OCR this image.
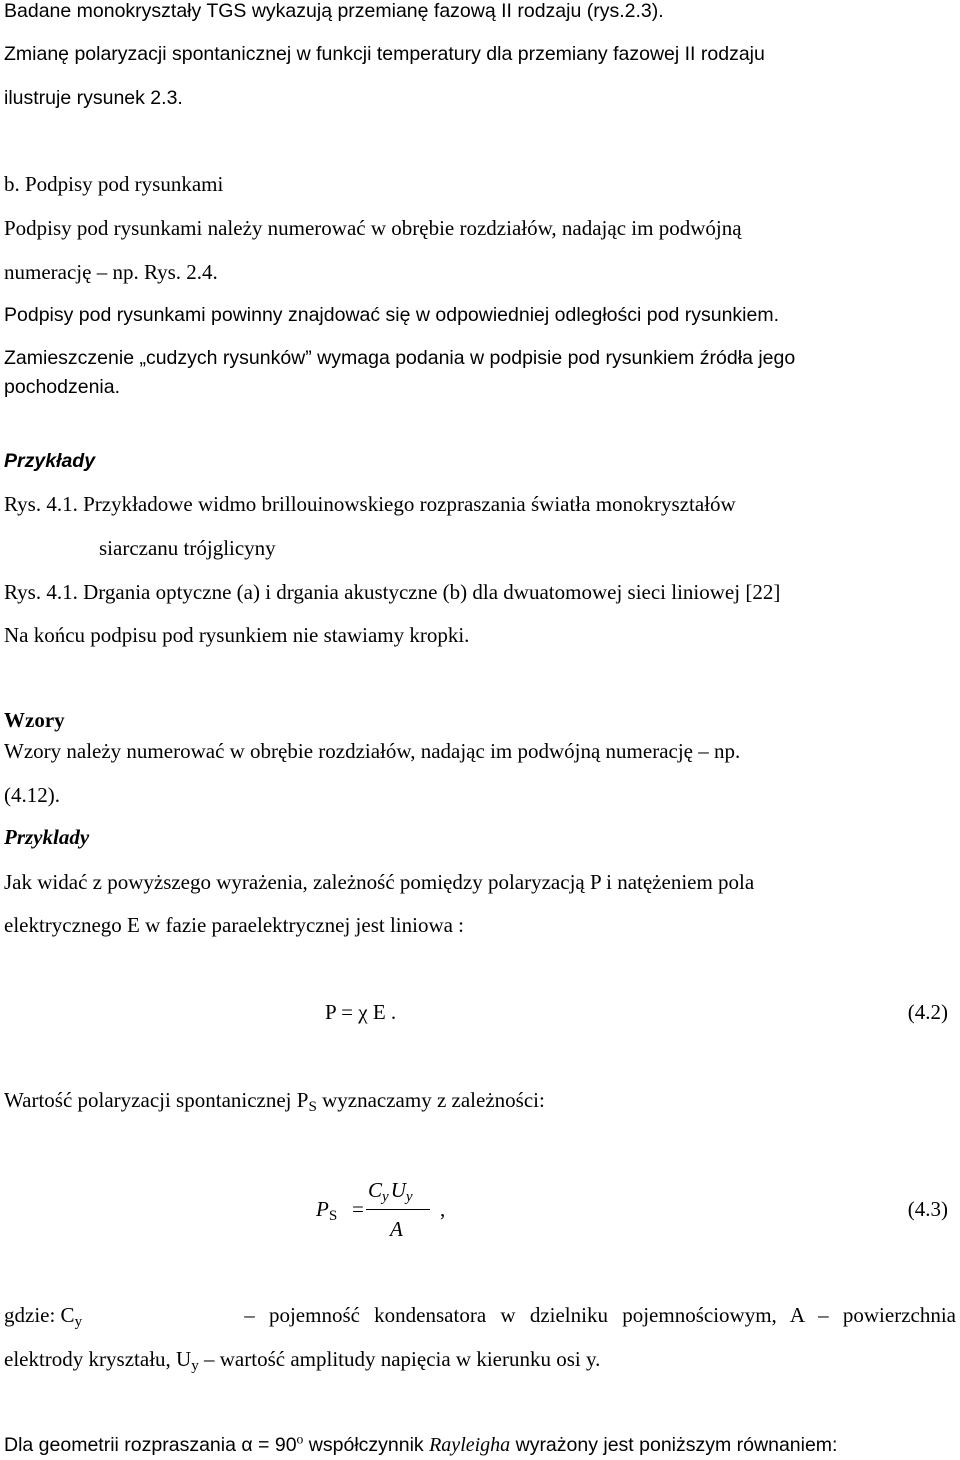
Badane monokryształy TGS wykazują przemianę fazową II rodzaju (rys.2.3).
Zmianę polaryzacji spontanicznej w funkcji temperatury dla przemiany fazowej II rodzaju
ilustruje rysunek 2.3.
b. Podpisy pod rysunkami
Podpisy pod rysunkami należy numerować w obrębie rozdziałów, nadając im podwójną
numerację – np. Rys. 2.4.
Podpisy pod rysunkami powinny znajdować się w odpowiedniej odległości pod rysunkiem.
Zamieszczenie „cudzych rysunków” wymaga podania w podpisie pod rysunkiem źródła jego
pochodzenia.
Przykłady
Rys. 4.1. Przykładowe widmo brillouinowskiego rozpraszania światła monokryształów
siarczanu trójglicyny
Rys. 4.1. Drgania optyczne (a) i drgania akustyczne (b) dla dwuatomowej sieci liniowej [22]
Na końcu podpisu pod rysunkiem nie stawiamy kropki.
Wzory
Wzory należy numerować w obrębie rozdziałów, nadając im podwójną numerację – np.
(4.12).
Przyklady
Jak widać z powyższego wyrażenia, zależność pomiędzy polaryzacją P i natężeniem pola
elektrycznego E w fazie paraelektrycznej jest liniowa :
P = χ E .	(4.2)
Wartość polaryzacji spontanicznej $P_S$ wyznaczamy z zależności:
$P_S$ =
$C_yU_y$
A
,	(4.3)
gdzie: $C_y$	– pojemność kondensatora w dzielniku pojemnościowym, A – powierzchnia
elektrody kryształu, $U_y$ – wartość amplitudy napięcia w kierunku osi y.
Dla geometrii rozpraszania $\alpha = 90^o$ współczynnik Rayleigha wyrażony jest poniższym równaniem:
